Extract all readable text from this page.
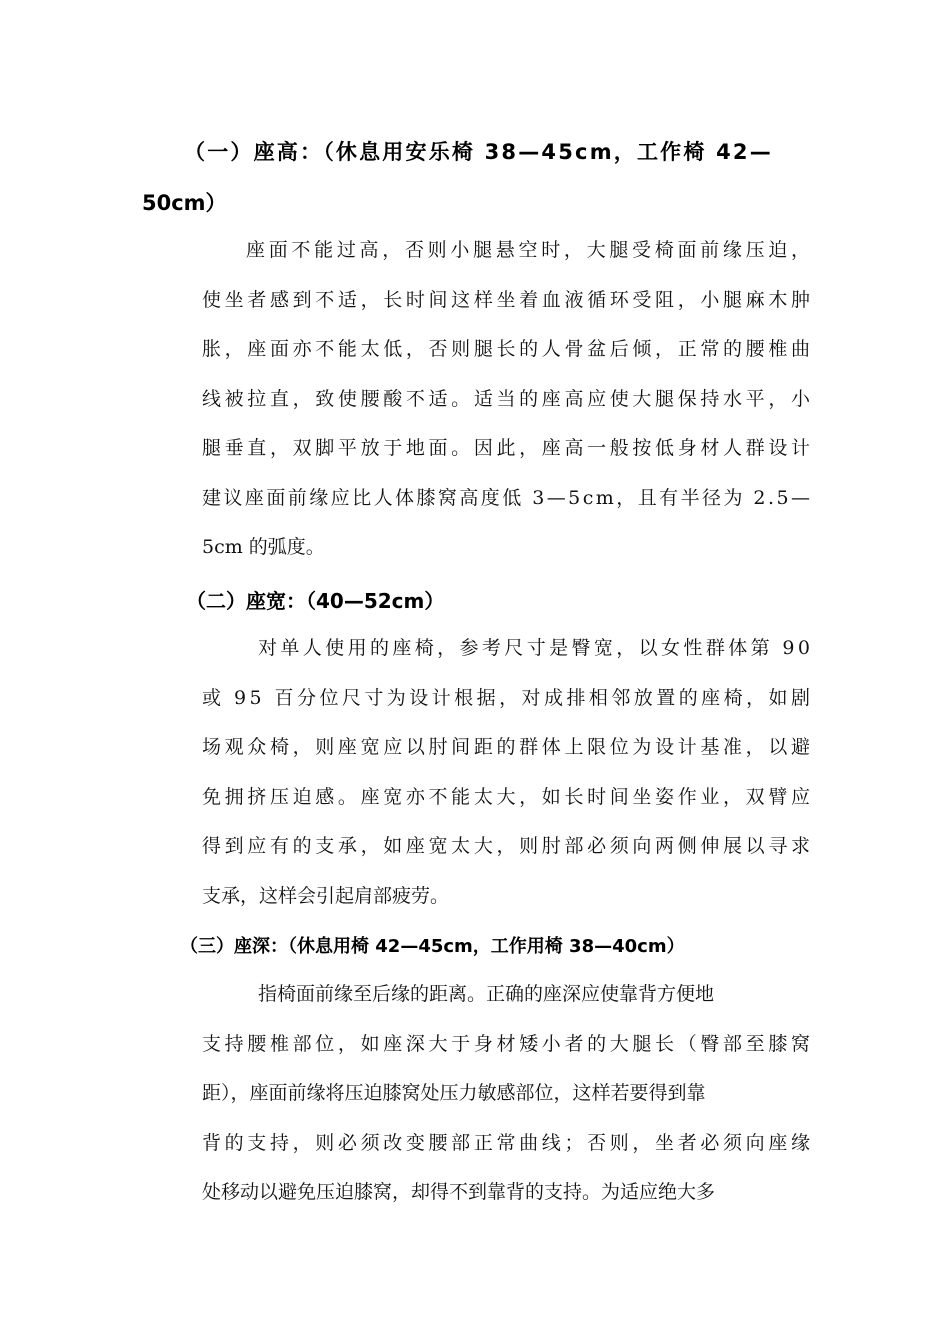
（一）座高：（休息用安乐椅 38—45cm，工作椅 42—
50cm）
座面不能过高，否则小腿悬空时，大腿受椅面前缘压迫，
使坐者感到不适，长时间这样坐着血液循环受阻，小腿麻木肿
胀，座面亦不能太低，否则腿长的人骨盆后倾，正常的腰椎曲
线被拉直，致使腰酸不适。适当的座高应使大腿保持水平，小
腿垂直，双脚平放于地面。因此，座高一般按低身材人群设计
建议座面前缘应比人体膝窝高度低 3—5cm，且有半径为 2.5—
5cm 的弧度。
（二）座宽：（40—52cm）
对单人使用的座椅，参考尺寸是臀宽，以女性群体第 90
或 95 百分位尺寸为设计根据，对成排相邻放置的座椅，如剧
场观众椅，则座宽应以肘间距的群体上限位为设计基准，以避
免拥挤压迫感。座宽亦不能太大，如长时间坐姿作业，双臂应
得到应有的支承，如座宽太大，则肘部必须向两侧伸展以寻求
支承，这样会引起肩部疲劳。
（三）座深：（休息用椅 42—45cm，工作用椅 38—40cm）
指椅面前缘至后缘的距离。正确的座深应使靠背方便地
支持腰椎部位，如座深大于身材矮小者的大腿长（臀部至膝窝
距），座面前缘将压迫膝窝处压力敏感部位，这样若要得到靠
背的支持，则必须改变腰部正常曲线；否则，坐者必须向座缘
处移动以避免压迫膝窝，却得不到靠背的支持。为适应绝大多
